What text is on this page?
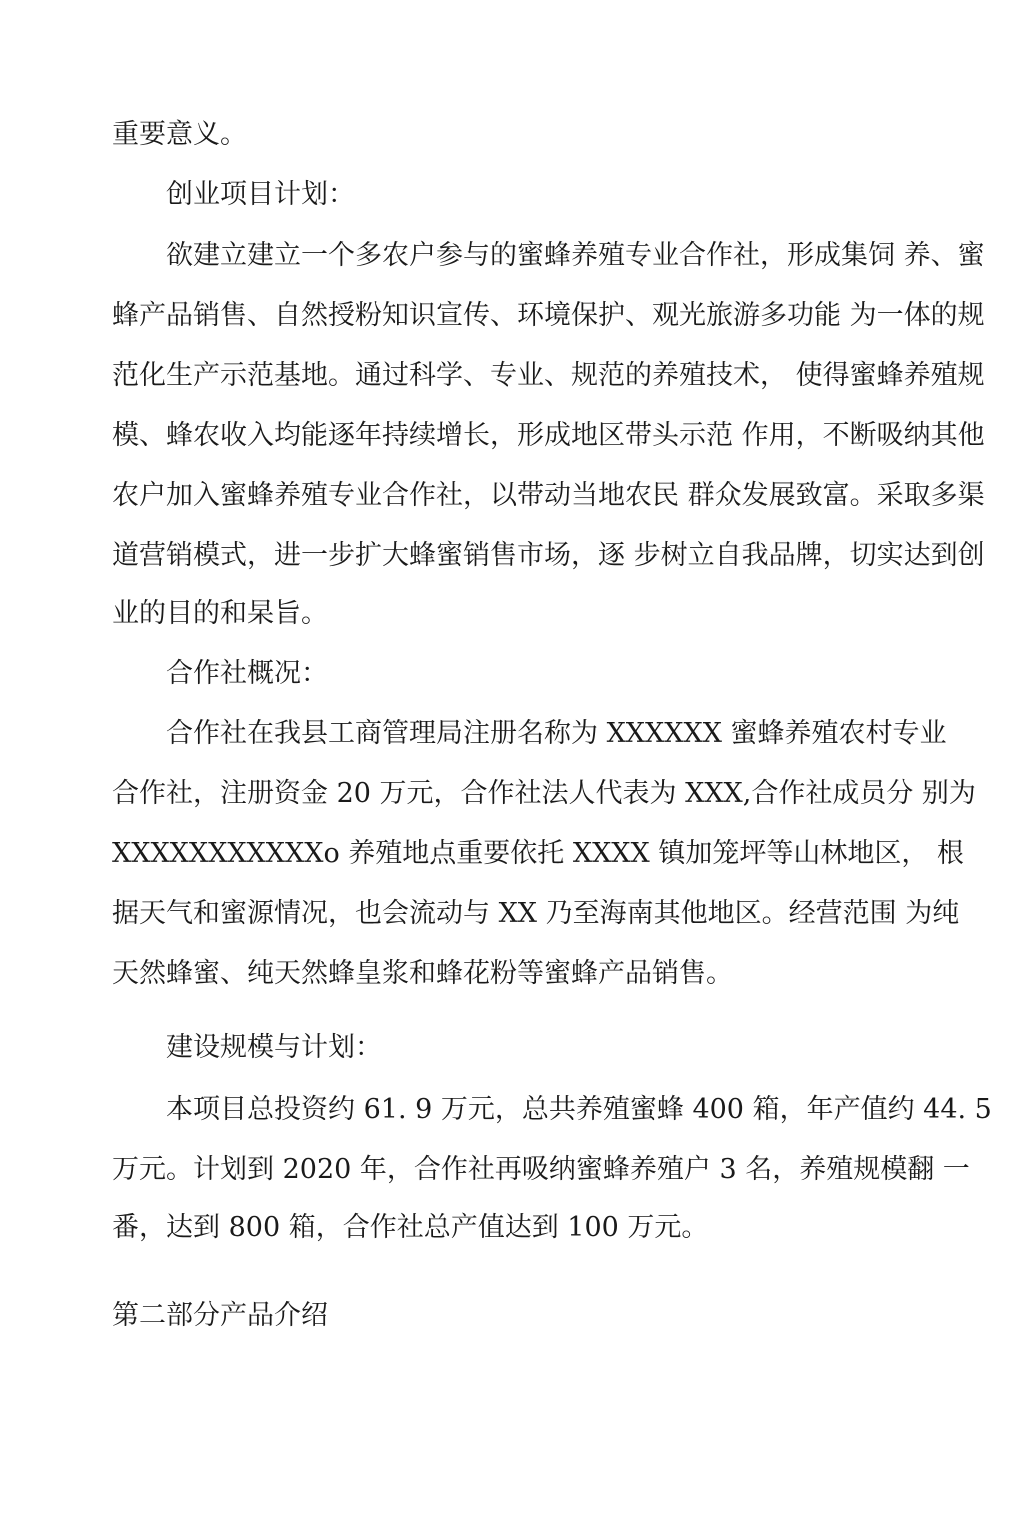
重要意义。
创业项目计划：
欲建立建立一个多农户参与的蜜蜂养殖专业合作社，形成集饲 养、蜜
蜂产品销售、自然授粉知识宣传、环境保护、观光旅游多功能 为一体的规
范化生产示范基地。通过科学、专业、规范的养殖技术， 使得蜜蜂养殖规
模、蜂农收入均能逐年持续增长，形成地区带头示范 作用，不断吸纳其他
农户加入蜜蜂养殖专业合作社，以带动当地农民 群众发展致富。采取多渠
道营销模式，进一步扩大蜂蜜销售市场，逐 步树立自我品牌，切实达到创
业的目的和杲旨。
合作社概况：
合作社在我县工商管理局注册名称为 XXXXXX 蜜蜂养殖农村专业
合作社，注册资金 20 万元，合作社法人代表为 XXX,合作社成员分 别为
XXXXXXXXXXXo 养殖地点重要依托 XXXX 镇加笼坪等山林地区， 根
据天气和蜜源情况，也会流动与 XX 乃至海南其他地区。经营范围 为纯
天然蜂蜜、纯天然蜂皇浆和蜂花粉等蜜蜂产品销售。
建设规模与计划：
本项目总投资约 61. 9 万元，总共养殖蜜蜂 400 箱，年产值约 44. 5
万元。计划到 2020 年，合作社再吸纳蜜蜂养殖户 3 名，养殖规模翻 一
番，达到 800 箱，合作社总产值达到 100 万元。
第二部分产品介绍
